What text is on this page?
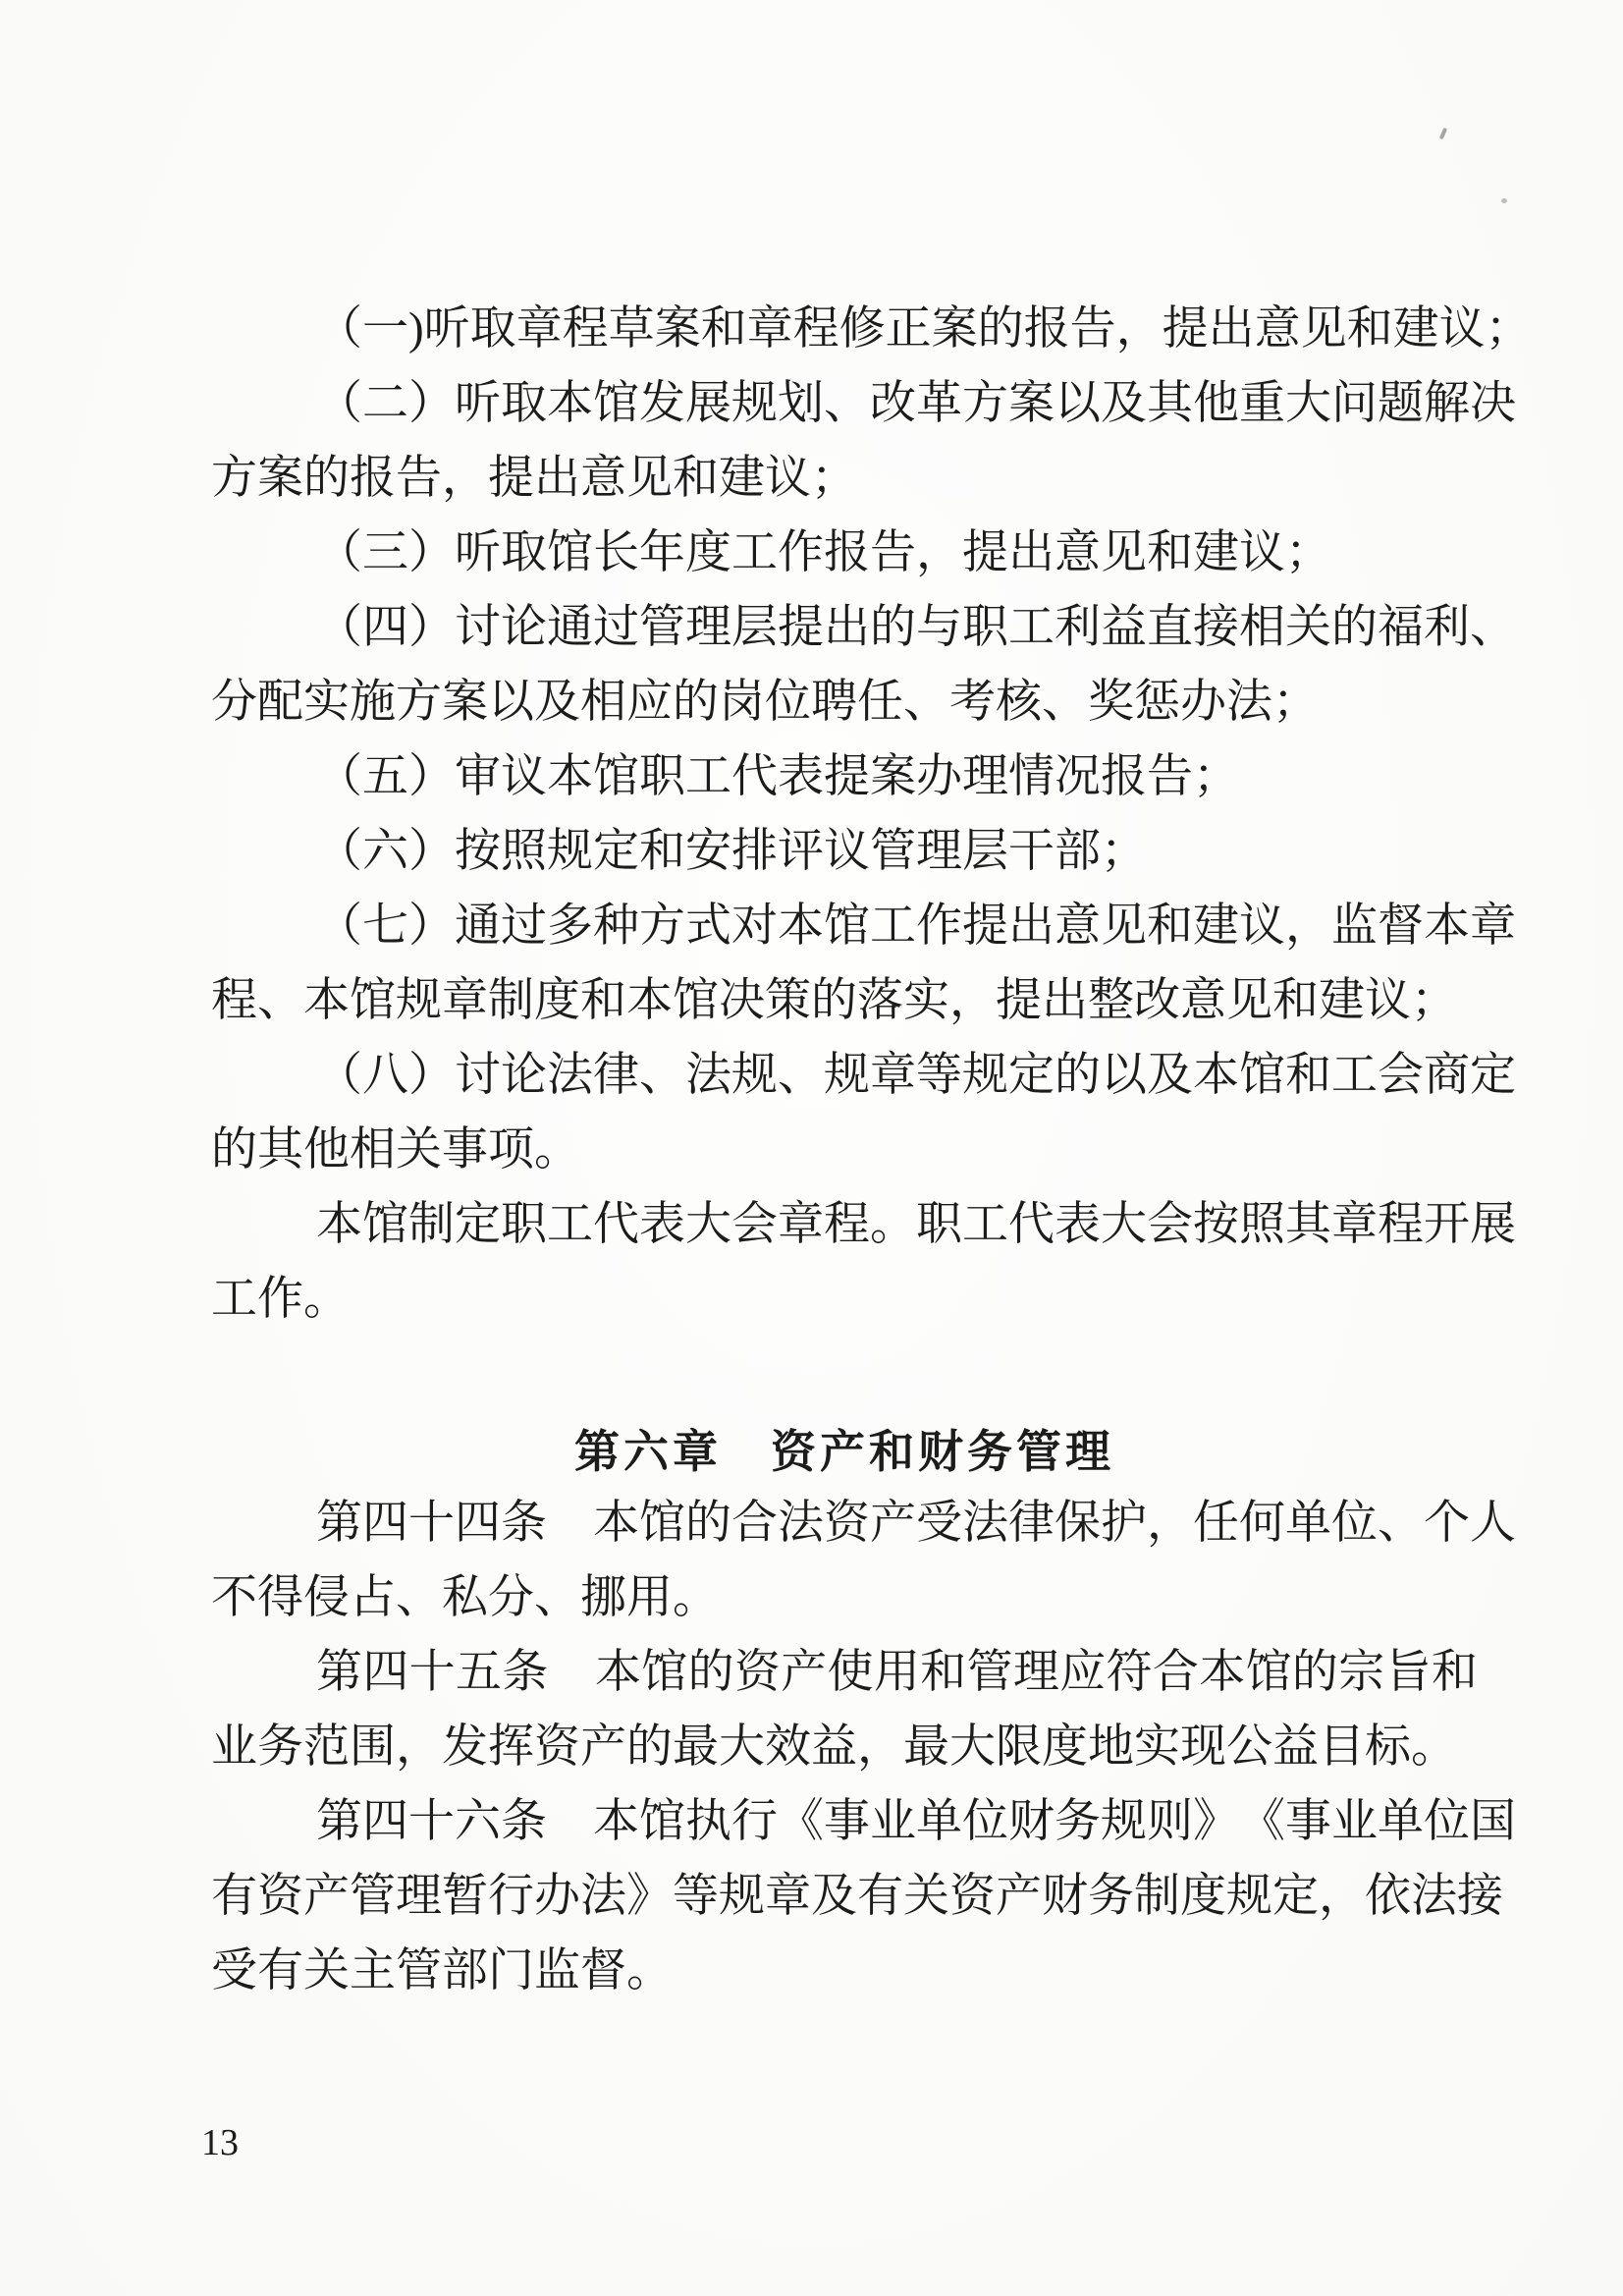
（ 一 ) 听 取 章 程 草 案 和 章 程 修 正 案 的 报 告 ， 提 出 意 见 和 建 议 ；
（ 二 ） 听 取 本 馆 发 展 规 划 、 改 革 方 案 以 及 其 他 重 大 问 题 解 决
方 案 的 报 告 ， 提 出 意 见 和 建 议 ；
（ 三 ） 听 取 馆 长 年 度 工 作 报 告 ， 提 出 意 见 和 建 议 ；
（ 四 ） 讨 论 通 过 管 理 层 提 出 的 与 职 工 利 益 直 接 相 关 的 福 利 、
分 配 实 施 方 案 以 及 相 应 的 岗 位 聘 任 、 考 核 、 奖 惩 办 法 ；
（ 五 ） 审 议 本 馆 职 工 代 表 提 案 办 理 情 况 报 告 ；
（ 六 ） 按 照 规 定 和 安 排 评 议 管 理 层 干 部 ；
（ 七 ） 通 过 多 种 方 式 对 本 馆 工 作 提 出 意 见 和 建 议 ， 监 督 本 章
程 、 本 馆 规 章 制 度 和 本 馆 决 策 的 落 实 ， 提 出 整 改 意 见 和 建 议 ；
（ 八 ） 讨 论 法 律 、 法 规 、 规 章 等 规 定 的 以 及 本 馆 和 工 会 商 定
的 其 他 相 关 事 项 。
本 馆 制 定 职 工 代 表 大 会 章 程 。 职 工 代 表 大 会 按 照 其 章 程 开 展
工 作 。
第六章　资产和财务管理
第 四 十 四 条
　 本 馆 的 合 法 资 产 受 法 律 保 护 ， 任 何 单 位 、 个 人
不 得 侵 占 、 私 分 、 挪 用 。
第 四 十 五 条
　 本 馆 的 资 产 使 用 和 管 理 应 符 合 本 馆 的 宗 旨 和
业 务 范 围 ， 发 挥 资 产 的 最 大 效 益 ， 最 大 限 度 地 实 现 公 益 目 标 。
第 四 十 六 条
　 本 馆 执 行 《 事 业 单 位 财 务 规 则 》 《 事 业 单 位 国
有 资 产 管 理 暂 行 办 法 》 等 规 章 及 有 关 资 产 财 务 制 度 规 定 ， 依 法 接
受 有 关 主 管 部 门 监 督 。
13
